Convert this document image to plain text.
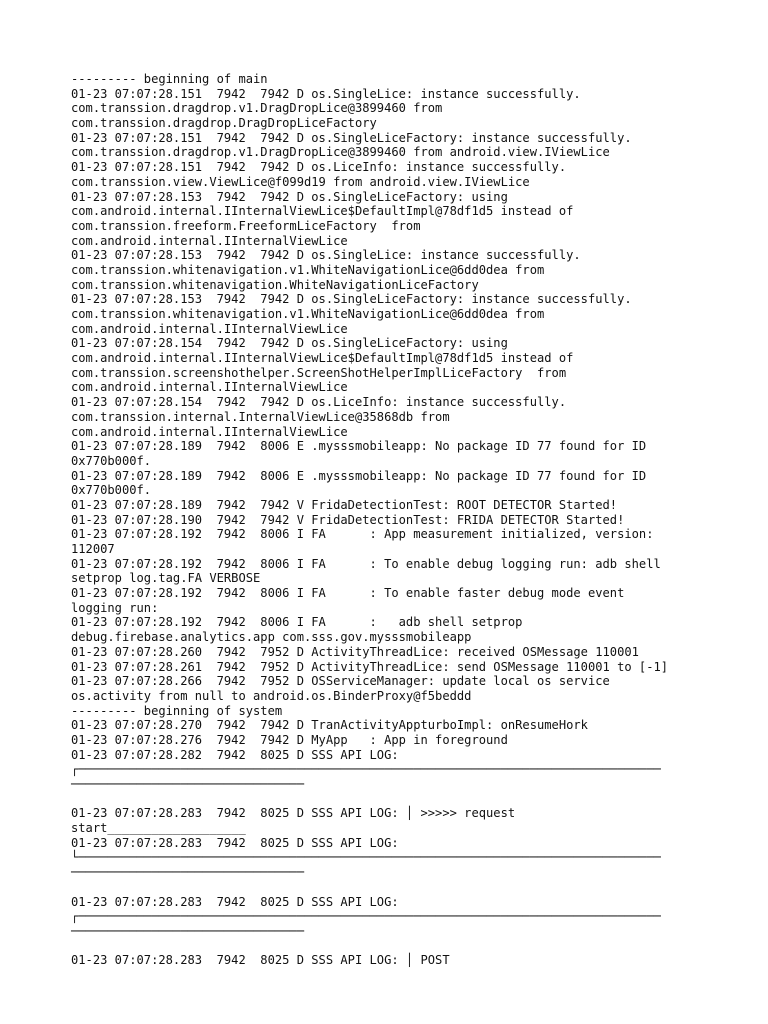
--------- beginning of main
01-23 07:07:28.151  7942  7942 D os.SingleLice: instance successfully.
com.transsion.dragdrop.v1.DragDropLice@3899460 from
com.transsion.dragdrop.DragDropLiceFactory
01-23 07:07:28.151  7942  7942 D os.SingleLiceFactory: instance successfully.
com.transsion.dragdrop.v1.DragDropLice@3899460 from android.view.IViewLice
01-23 07:07:28.151  7942  7942 D os.LiceInfo: instance successfully.
com.transsion.view.ViewLice@f099d19 from android.view.IViewLice
01-23 07:07:28.153  7942  7942 D os.SingleLiceFactory: using
com.android.internal.IInternalViewLice$DefaultImpl@78df1d5 instead of
com.transsion.freeform.FreeformLiceFactory  from
com.android.internal.IInternalViewLice
01-23 07:07:28.153  7942  7942 D os.SingleLice: instance successfully.
com.transsion.whitenavigation.v1.WhiteNavigationLice@6dd0dea from
com.transsion.whitenavigation.WhiteNavigationLiceFactory
01-23 07:07:28.153  7942  7942 D os.SingleLiceFactory: instance successfully.
com.transsion.whitenavigation.v1.WhiteNavigationLice@6dd0dea from
com.android.internal.IInternalViewLice
01-23 07:07:28.154  7942  7942 D os.SingleLiceFactory: using
com.android.internal.IInternalViewLice$DefaultImpl@78df1d5 instead of
com.transsion.screenshothelper.ScreenShotHelperImplLiceFactory  from
com.android.internal.IInternalViewLice
01-23 07:07:28.154  7942  7942 D os.LiceInfo: instance successfully.
com.transsion.internal.InternalViewLice@35868db from
com.android.internal.IInternalViewLice
01-23 07:07:28.189  7942  8006 E .mysssmobileapp: No package ID 77 found for ID
0x770b000f.
01-23 07:07:28.189  7942  8006 E .mysssmobileapp: No package ID 77 found for ID
0x770b000f.
01-23 07:07:28.189  7942  7942 V FridaDetectionTest: ROOT DETECTOR Started!
01-23 07:07:28.190  7942  7942 V FridaDetectionTest: FRIDA DETECTOR Started!
01-23 07:07:28.192  7942  8006 I FA      : App measurement initialized, version:
112007
01-23 07:07:28.192  7942  8006 I FA      : To enable debug logging run: adb shell
setprop log.tag.FA VERBOSE
01-23 07:07:28.192  7942  8006 I FA      : To enable faster debug mode event
logging run:
01-23 07:07:28.192  7942  8006 I FA      :   adb shell setprop
debug.firebase.analytics.app com.sss.gov.mysssmobileapp
01-23 07:07:28.260  7942  7952 D ActivityThreadLice: received OSMessage 110001
01-23 07:07:28.261  7942  7952 D ActivityThreadLice: send OSMessage 110001 to [-1]
01-23 07:07:28.266  7942  7952 D OSServiceManager: update local os service
os.activity from null to android.os.BinderProxy@f5beddd
--------- beginning of system
01-23 07:07:28.270  7942  7942 D TranActivityAppturboImpl: onResumeHork
01-23 07:07:28.276  7942  7942 D MyApp   : App in foreground
01-23 07:07:28.282  7942  8025 D SSS API LOG:
┌────────────────────────────────────────────────────────────────────────────────
────────────────────────────────
01-23 07:07:28.283  7942  8025 D SSS API LOG: │ >>>>> request
start___________________
01-23 07:07:28.283  7942  8025 D SSS API LOG:
└────────────────────────────────────────────────────────────────────────────────
────────────────────────────────
01-23 07:07:28.283  7942  8025 D SSS API LOG:
┌────────────────────────────────────────────────────────────────────────────────
────────────────────────────────
01-23 07:07:28.283  7942  8025 D SSS API LOG: │ POST
